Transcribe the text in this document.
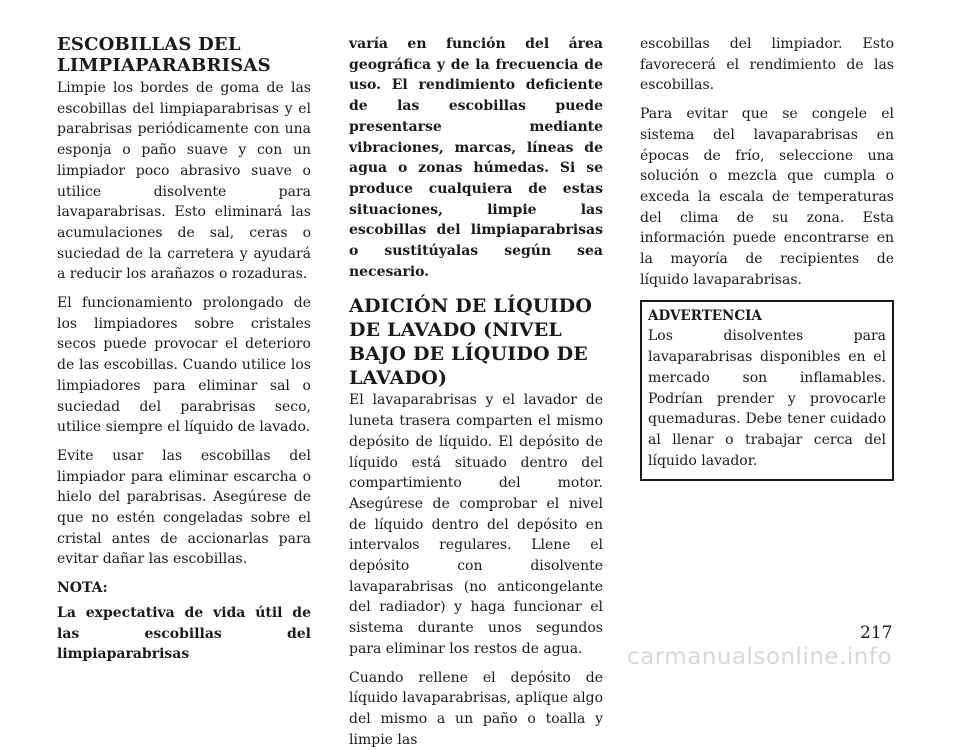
ESCOBILLAS DEL LIMPIAPARABRISAS

Limpie los bordes de goma de las escobillas del limpiaparabrisas y el parabrisas periódicamente con una esponja o paño suave y con un limpiador poco abrasivo suave o utilice disolvente para lavaparabrisas. Esto eliminará las acumulaciones de sal, ceras o suciedad de la carretera y ayudará a reducir los arañazos o rozaduras.

El funcionamiento prolongado de los limpiadores sobre cristales secos puede provocar el deterioro de las escobillas. Cuando utilice los limpiadores para eliminar sal o suciedad del parabrisas seco, utilice siempre el líquido de lavado.

Evite usar las escobillas del limpiador para eliminar escarcha o hielo del parabrisas. Asegúrese de que no estén congeladas sobre el cristal antes de accionarlas para evitar dañar las escobillas.

NOTA:

La expectativa de vida útil de las escobillas del limpiaparabrisas

varía en función del área geográfica y de la frecuencia de uso. El rendimiento deficiente de las escobillas puede presentarse mediante vibraciones, marcas, líneas de agua o zonas húmedas. Si se produce cualquiera de estas situaciones, limpie las escobillas del limpiaparabrisas o sustitúyalas según sea necesario.

ADICIÓN DE LÍQUIDO DE LAVADO (NIVEL BAJO DE LÍQUIDO DE LAVADO)

El lavaparabrisas y el lavador de luneta trasera comparten el mismo depósito de líquido. El depósito de líquido está situado dentro del compartimiento del motor. Asegúrese de comprobar el nivel de líquido dentro del depósito en intervalos regulares. Llene el depósito con disolvente lavaparabrisas (no anticongelante del radiador) y haga funcionar el sistema durante unos segundos para eliminar los restos de agua.

Cuando rellene el depósito de líquido lavaparabrisas, aplique algo del mismo a un paño o toalla y limpie las

escobillas del limpiador. Esto favorecerá el rendimiento de las escobillas.

Para evitar que se congele el sistema del lavaparabrisas en épocas de frío, seleccione una solución o mezcla que cumpla o exceda la escala de temperaturas del clima de su zona. Esta información puede encontrarse en la mayoría de recipientes de líquido lavaparabrisas.

ADVERTENCIA

Los disolventes para lavaparabrisas disponibles en el mercado son inflamables. Podrían prender y provocarle quemaduras. Debe tener cuidado al llenar o trabajar cerca del líquido lavador.

217
carmanualsonline.info
